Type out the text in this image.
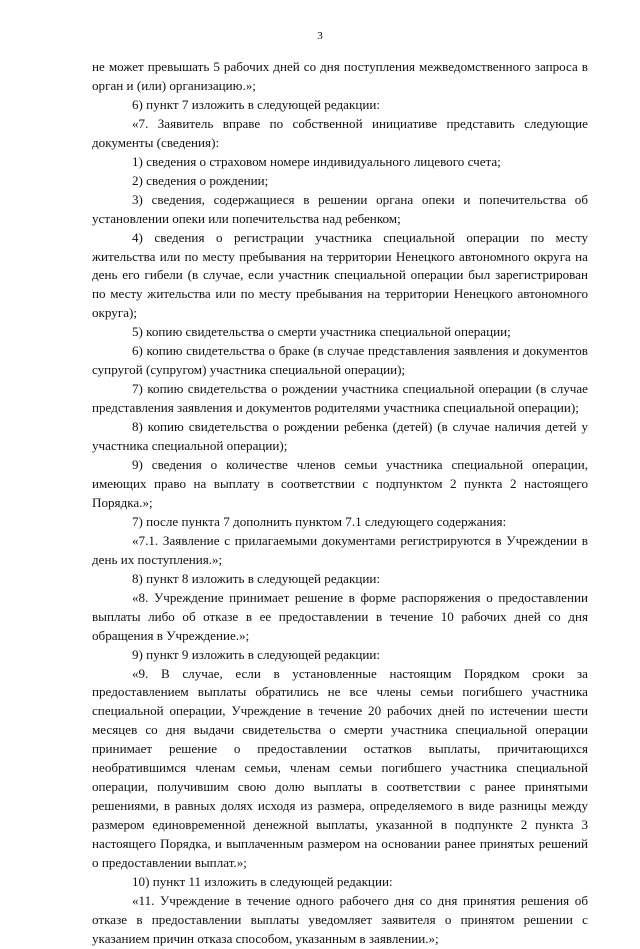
3

не может превышать 5 рабочих дней со дня поступления межведомственного запроса в орган и (или) организацию.»;

6) пункт 7 изложить в следующей редакции:

«7. Заявитель вправе по собственной инициативе представить следующие документы (сведения):

1) сведения о страховом номере индивидуального лицевого счета;

2) сведения о рождении;

3) сведения, содержащиеся в решении органа опеки и попечительства об установлении опеки или попечительства над ребенком;

4) сведения о регистрации участника специальной операции по месту жительства или по месту пребывания на территории Ненецкого автономного округа на день его гибели (в случае, если участник специальной операции был зарегистрирован по месту жительства или по месту пребывания на территории Ненецкого автономного округа);

5) копию свидетельства о смерти участника специальной операции;

6) копию свидетельства о браке (в случае представления заявления и документов супругой (супругом) участника специальной операции);

7) копию свидетельства о рождении участника специальной операции (в случае представления заявления и документов родителями участника специальной операции);

8) копию свидетельства о рождении ребенка (детей) (в случае наличия детей у участника специальной операции);

9) сведения о количестве членов семьи участника специальной операции, имеющих право на выплату в соответствии с подпунктом 2 пункта 2 настоящего Порядка.»;

7) после пункта 7 дополнить пунктом 7.1 следующего содержания:

«7.1. Заявление с прилагаемыми документами регистрируются в Учреждении в день их поступления.»;

8) пункт 8 изложить в следующей редакции:

«8. Учреждение принимает решение в форме распоряжения о предоставлении выплаты либо об отказе в ее предоставлении в течение 10 рабочих дней со дня обращения в Учреждение.»;

9) пункт 9 изложить в следующей редакции:

«9. В случае, если в установленные настоящим Порядком сроки за предоставлением выплаты обратились не все члены семьи погибшего участника специальной операции, Учреждение в течение 20 рабочих дней по истечении шести месяцев со дня выдачи свидетельства о смерти участника специальной операции принимает решение о предоставлении остатков выплаты, причитающихся необратившимся членам семьи, членам семьи погибшего участника специальной операции, получившим свою долю выплаты в соответствии с ранее принятыми решениями, в равных долях исходя из размера, определяемого в виде разницы между размером единовременной денежной выплаты, указанной в подпункте 2 пункта 3 настоящего Порядка, и выплаченным размером на основании ранее принятых решений о предоставлении выплат.»;

10) пункт 11 изложить в следующей редакции:

«11. Учреждение в течение одного рабочего дня со дня принятия решения об отказе в предоставлении выплаты уведомляет заявителя о принятом решении с указанием причин отказа способом, указанным в заявлении.»;
